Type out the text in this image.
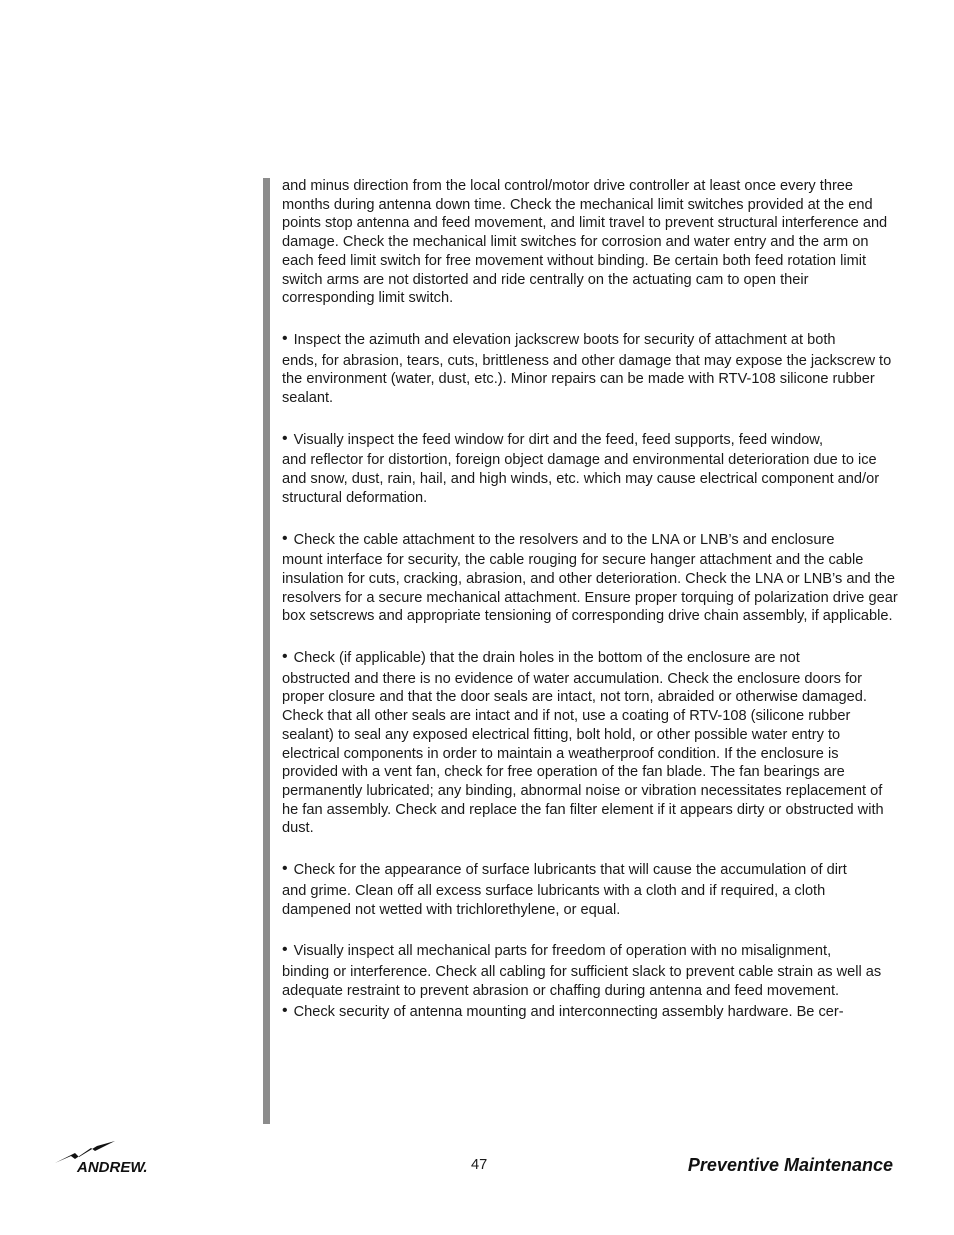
and minus direction from the local control/motor drive controller at least once every three months during antenna down time. Check the mechanical limit switches provided at the end points stop antenna and feed movement, and limit travel to prevent structural interference and damage. Check the mechanical limit switches for corrosion and water entry and the arm on each feed limit switch for free movement without binding. Be certain both feed rotation limit switch arms are not distorted and ride centrally on the actuating cam to open their corresponding limit switch.

• Inspect the azimuth and elevation jackscrew boots for security of attachment at both
ends, for abrasion, tears, cuts, brittleness and other damage that may expose the jackscrew to the environment (water, dust, etc.). Minor repairs can be made with RTV-108 silicone rubber sealant.
• Visually inspect the feed window for dirt and the feed, feed supports, feed window,
and reflector for distortion, foreign object damage and environmental deterioration due to ice and snow, dust, rain, hail, and high winds, etc. which may cause electrical component and/or structural deformation.
• Check the cable attachment to the resolvers and to the LNA or LNB’s and enclosure
mount interface for security, the cable rouging for secure hanger attachment and the cable insulation for cuts, cracking, abrasion, and other deterioration. Check the LNA or LNB’s and the resolvers for a secure mechanical attachment. Ensure proper torquing of polarization drive gear box setscrews and appropriate tensioning of corresponding drive chain assembly, if applicable.
• Check (if applicable) that the drain holes in the bottom of the enclosure are not
obstructed and there is no evidence of water accumulation. Check the enclosure doors for proper closure and that the door seals are intact, not torn, abraided or otherwise damaged. Check that all other seals are intact and if not, use a coating of RTV-108 (silicone rubber sealant) to seal any exposed electrical fitting, bolt hold, or other possible water entry to electrical components in order to maintain a weatherproof condition. If the enclosure is provided with a vent fan, check for free operation of the fan blade. The fan bearings are permanently lubricated; any binding, abnormal noise or vibration necessitates replacement of he fan assembly. Check and replace the fan filter element if it appears dirty or obstructed with dust.
• Check for the appearance of surface lubricants that will cause the accumulation of dirt
and grime. Clean off all excess surface lubricants with a cloth and if required, a cloth dampened not wetted with trichlorethylene, or equal.
• Visually inspect all mechanical parts for freedom of operation with no misalignment,
binding or interference. Check all cabling for sufficient slack to prevent cable strain as well as adequate restraint to prevent abrasion or chaffing during antenna and feed movement.
• Check security of antenna mounting and interconnecting assembly hardware. Be cer-
ANDREW.	47	Preventive Maintenance
